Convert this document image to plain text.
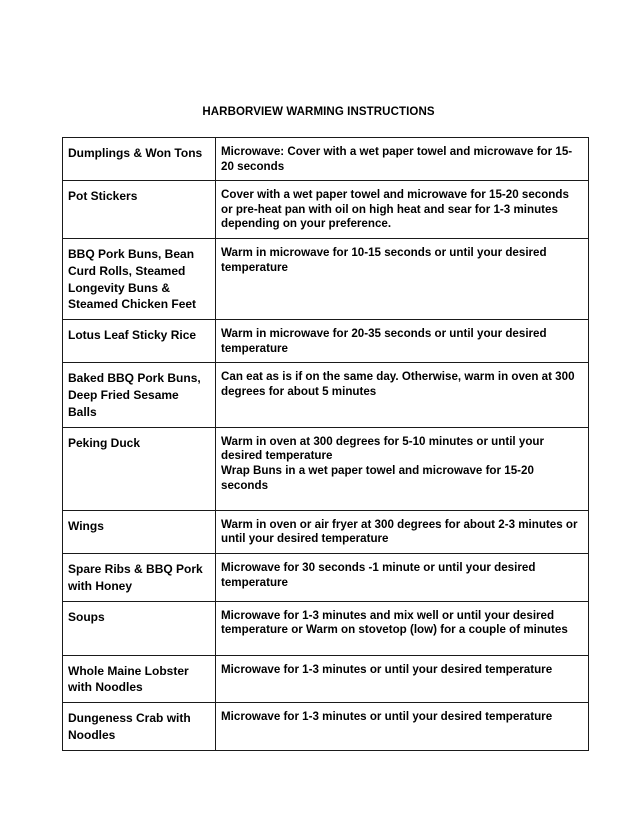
HARBORVIEW WARMING INSTRUCTIONS
Dumplings & Won Tons	Microwave: Cover with a wet paper towel and microwave for 15-20 seconds

Pot Stickers	Cover with a wet paper towel and microwave for 15-20 seconds or pre-heat pan with oil on high heat and sear for 1-3 minutes depending on your preference.

BBQ Pork Buns, Bean Curd Rolls, Steamed Longevity Buns & Steamed Chicken Feet	Warm in microwave for 10-15 seconds or until your desired temperature

Lotus Leaf Sticky Rice	Warm in microwave for 20-35 seconds or until your desired temperature

Baked BBQ Pork Buns, Deep Fried Sesame Balls	Can eat as is if on the same day. Otherwise, warm in oven at 300 degrees for about 5 minutes

Peking Duck	Warm in oven at 300 degrees for 5-10 minutes or until your desired temperature
Wrap Buns in a wet paper towel and microwave for 15-20 seconds

Wings	Warm in oven or air fryer at 300 degrees for about 2-3 minutes or until your desired temperature

Spare Ribs & BBQ Pork with Honey	Microwave for 30 seconds -1 minute or until your desired temperature

Soups	Microwave for 1-3 minutes and mix well or until your desired temperature or Warm on stovetop (low) for a couple of minutes

Whole Maine Lobster with Noodles	Microwave for 1-3 minutes or until your desired temperature

Dungeness Crab with Noodles	Microwave for 1-3 minutes or until your desired temperature
